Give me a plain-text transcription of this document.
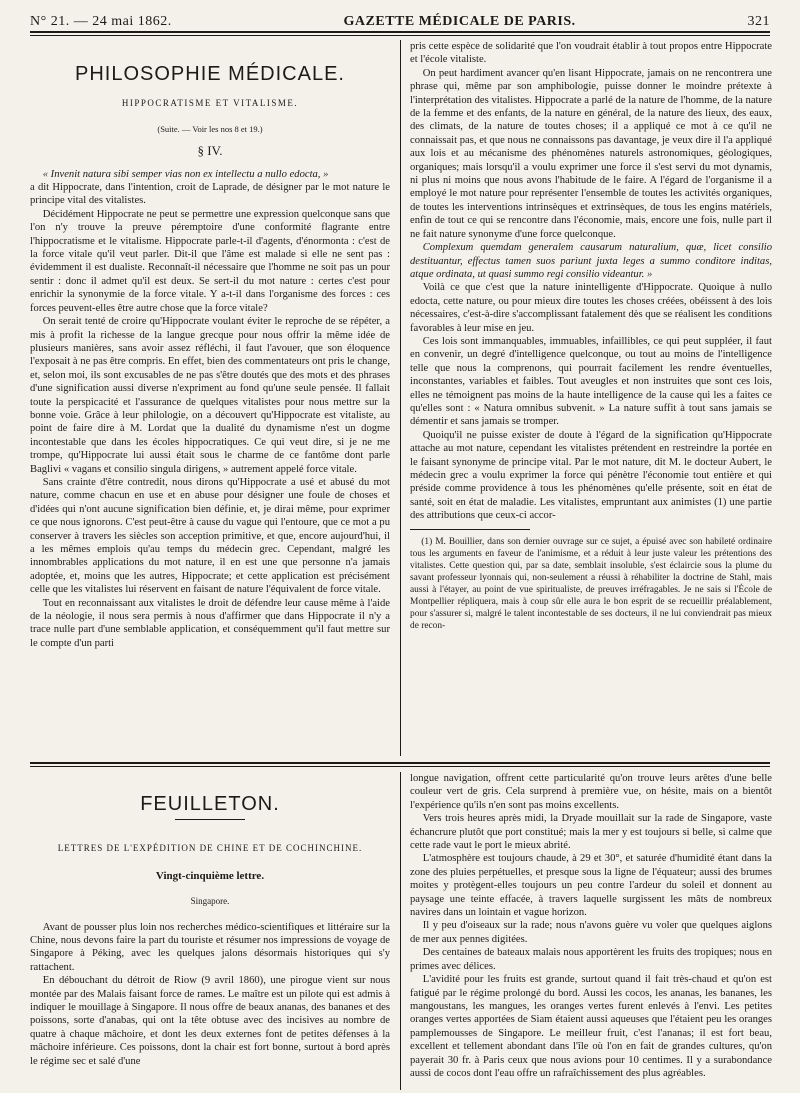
N° 21. — 24 mai 1862.	GAZETTE MÉDICALE DE PARIS.	321
PHILOSOPHIE MÉDICALE.
HIPPOCRATISME ET VITALISME.
(Suite. — Voir les nos 8 et 19.)
§ IV.

« Invenit natura sibi semper vias non ex intellectu a nullo edocta, »

a dit Hippocrate, dans l'intention, croit de Laprade, de désigner par le mot nature le principe vital des vitalistes.

Décidément Hippocrate ne peut se permettre une expression quelconque sans que l'on n'y trouve la preuve péremptoire d'une conformité flagrante entre l'hippocratisme et le vitalisme. Hippocrate parle-t-il d'agents, d'énormonta : c'est de la force vitale qu'il veut parler. Dit-il que l'âme est malade si elle ne sent pas : évidemment il est dualiste. Reconnaît-il nécessaire que l'homme ne soit pas un pour sentir : donc il admet qu'il est deux. Se sert-il du mot nature : certes c'est pour enrichir la synonymie de la force vitale. Y a-t-il dans l'organisme des forces : ces forces peuvent-elles être autre chose que la force vitale?

On serait tenté de croire qu'Hippocrate voulant éviter le reproche de se répéter, a mis à profit la richesse de la langue grecque pour nous offrir la même idée de plusieurs manières, sans avoir assez réfléchi, il faut l'avouer, que son éloquence l'exposait à ne pas être compris. En effet, bien des commentateurs ont pris le change, et, selon moi, ils sont excusables de ne pas s'être doutés que des mots et des phrases d'une signification aussi diverse n'expriment au fond qu'une seule pensée. Il fallait toute la perspicacité et l'assurance de quelques vitalistes pour nous mettre sur la bonne voie. Grâce à leur philologie, on a découvert qu'Hippocrate est vitaliste, au point de faire dire à M. Lordat que la dualité du dynamisme n'est un dogme incontestable que dans les écoles hippocratiques. Ce qui veut dire, si je ne me trompe, qu'Hippocrate lui aussi était sous le charme de ce fantôme dont parle Baglivi « vagans et consilio singula dirigens, » autrement appelé force vitale.

Sans crainte d'être contredit, nous dirons qu'Hippocrate a usé et abusé du mot nature, comme chacun en use et en abuse pour désigner une foule de choses et d'idées qui n'ont aucune signification bien définie, et, je dirai même, pour exprimer ce que nous ignorons. C'est peut-être à cause du vague qui l'entoure, que ce mot a pu conserver à travers les siècles son acception primitive, et que, encore aujourd'hui, il a les mêmes emplois qu'au temps du médecin grec. Cependant, malgré les innombrables applications du mot nature, il en est une que personne n'a jamais adoptée, et, moins que les autres, Hippocrate; et cette application est précisément celle que les vitalistes lui réservent en faisant de nature l'équivalent de force vitale.

Tout en reconnaissant aux vitalistes le droit de défendre leur cause même à l'aide de la néologie, il nous sera permis à nous d'affirmer que dans Hippocrate il n'y a trace nulle part d'une semblable application, et conséquemment qu'il faut mettre sur le compte d'un parti

pris cette espèce de solidarité que l'on voudrait établir à tout propos entre Hippocrate et l'école vitaliste.

On peut hardiment avancer qu'en lisant Hippocrate, jamais on ne rencontrera une phrase qui, même par son amphibologie, puisse donner le moindre prétexte à l'interprétation des vitalistes. Hippocrate a parlé de la nature de l'homme, de la nature de la femme et des enfants, de la nature en général, de la nature des lieux, des eaux, des climats, de la nature de toutes choses; il a appliqué ce mot à ce qu'il ne connaissait pas, et que nous ne connaissons pas davantage, je veux dire il l'a appliqué aux lois et au mécanisme des phénomènes naturels astronomiques, géologiques, organiques; mais lorsqu'il a voulu exprimer une force il s'est servi du mot dynamis, ni plus ni moins que nous avons l'habitude de le faire. A l'égard de l'organisme il a employé le mot nature pour représenter l'ensemble de toutes les activités organiques, de toutes les interventions intrinsèques et extrinsèques, de tous les engins matériels, enfin de tout ce qui se rencontre dans l'économie, mais, encore une fois, nulle part il ne fait nature synonyme d'une force quelconque.

Complexum quemdam generalem causarum naturalium, quæ, licet consilio destituantur, effectus tamen suos pariunt juxta leges a summo conditore inditas, atque ordinata, ut quasi summo regi consilio videantur. »

Voilà ce que c'est que la nature inintelligente d'Hippocrate. Quoique à nullo edocta, cette nature, ou pour mieux dire toutes les choses créées, obéissent à des lois nécessaires, c'est-à-dire s'accomplissant fatalement dès que se réalisent les conditions favorables à leur mise en jeu.

Ces lois sont immanquables, immuables, infaillibles, ce qui peut suppléer, il faut en convenir, un degré d'intelligence quelconque, ou tout au moins de l'intelligence telle que nous la comprenons, qui pourrait facilement les rendre éventuelles, inconstantes, variables et faibles. Tout aveugles et non instruites que sont ces lois, elles ne témoignent pas moins de la haute intelligence de la cause qui les a faites ce qu'elles sont : « Natura omnibus subvenit. » La nature suffit à tout sans jamais se démentir et sans jamais se tromper.

Quoiqu'il ne puisse exister de doute à l'égard de la signification qu'Hippocrate attache au mot nature, cependant les vitalistes prétendent en restreindre la portée en le faisant synonyme de principe vital. Par le mot nature, dit M. le docteur Aubert, le médecin grec a voulu exprimer la force qui pénètre l'économie tout entière et qui préside comme providence à tous les phénomènes qu'elle présente, soit en état de santé, soit en état de maladie. Les vitalistes, empruntant aux animistes (1) une partie des attributions que ceux-ci accor-

(1) M. Bouillier, dans son dernier ouvrage sur ce sujet, a épuisé avec son habileté ordinaire tous les arguments en faveur de l'animisme, et a réduit à leur juste valeur les prétentions des vitalistes. Cette question qui, par sa date, semblait insoluble, s'est éclaircie sous la plume du savant professeur lyonnais qui, non-seulement a réussi à réhabiliter la doctrine de Stahl, mais aussi à l'étayer, au point de vue spiritualiste, de preuves irréfragables. Je ne sais si l'École de Montpellier répliquera, mais à coup sûr elle aura le bon esprit de se recueillir préalablement, pour s'assurer si, malgré le talent incontestable de ses docteurs, il ne lui conviendrait pas mieux de recon-

FEUILLETON.
LETTRES DE L'EXPÉDITION DE CHINE ET DE COCHINCHINE.
Vingt-cinquième lettre.
Singapore.

Avant de pousser plus loin nos recherches médico-scientifiques et littéraire sur la Chine, nous devons faire la part du touriste et résumer nos impressions de voyage de Singapore à Péking, avec les quelques jalons désormais historiques qui s'y rattachent.

En débouchant du détroit de Riow (9 avril 1860), une pirogue vient sur nous montée par des Malais faisant force de rames. Le maître est un pilote qui est admis à indiquer le mouillage à Singapore. Il nous offre de beaux ananas, des bananes et des poissons, sorte d'anabas, qui ont la tête obtuse avec des incisives au nombre de quatre à chaque mâchoire, et dont les deux externes font de petites défenses à la mâchoire inférieure. Ces poissons, dont la chair est fort bonne, surtout à bord après le régime sec et salé d'une

longue navigation, offrent cette particularité qu'on trouve leurs arêtes d'une belle couleur vert de gris. Cela surprend à première vue, on hésite, mais on a bientôt l'expérience qu'ils n'en sont pas moins excellents.

Vers trois heures après midi, la Dryade mouillait sur la rade de Singapore, vaste échancrure plutôt que port constitué; mais la mer y est toujours si belle, si calme que cette rade vaut le port le mieux abrité.

L'atmosphère est toujours chaude, à 29 et 30°, et saturée d'humidité étant dans la zone des pluies perpétuelles, et presque sous la ligne de l'équateur; aussi des brumes moites y protègent-elles toujours un peu contre l'ardeur du soleil et donnent au paysage une teinte effacée, à travers laquelle surgissent les mâts de nombreux navires dans un lointain et vague horizon.

Il y peu d'oiseaux sur la rade; nous n'avons guère vu voler que quelques aiglons de mer aux pennes digitées.

Des centaines de bateaux malais nous apportèrent les fruits des tropiques; nous en primes avec délices.

L'avidité pour les fruits est grande, surtout quand il fait très-chaud et qu'on est fatigué par le régime prolongé du bord. Aussi les cocos, les ananas, les bananes, les mangoustans, les mangues, les oranges vertes furent enlevés à l'envi. Les petites oranges vertes apportées de Siam étaient aussi aqueuses que l'étaient peu les oranges pamplemousses de Singapore. Le meilleur fruit, c'est l'ananas; il est fort beau, excellent et tellement abondant dans l'île où l'on en fait de grandes cultures, qu'on payerait 30 fr. à Paris ceux que nous avions pour 10 centimes. Il y a surabondance aussi de cocos dont l'eau offre un rafraîchissement des plus agréables.
